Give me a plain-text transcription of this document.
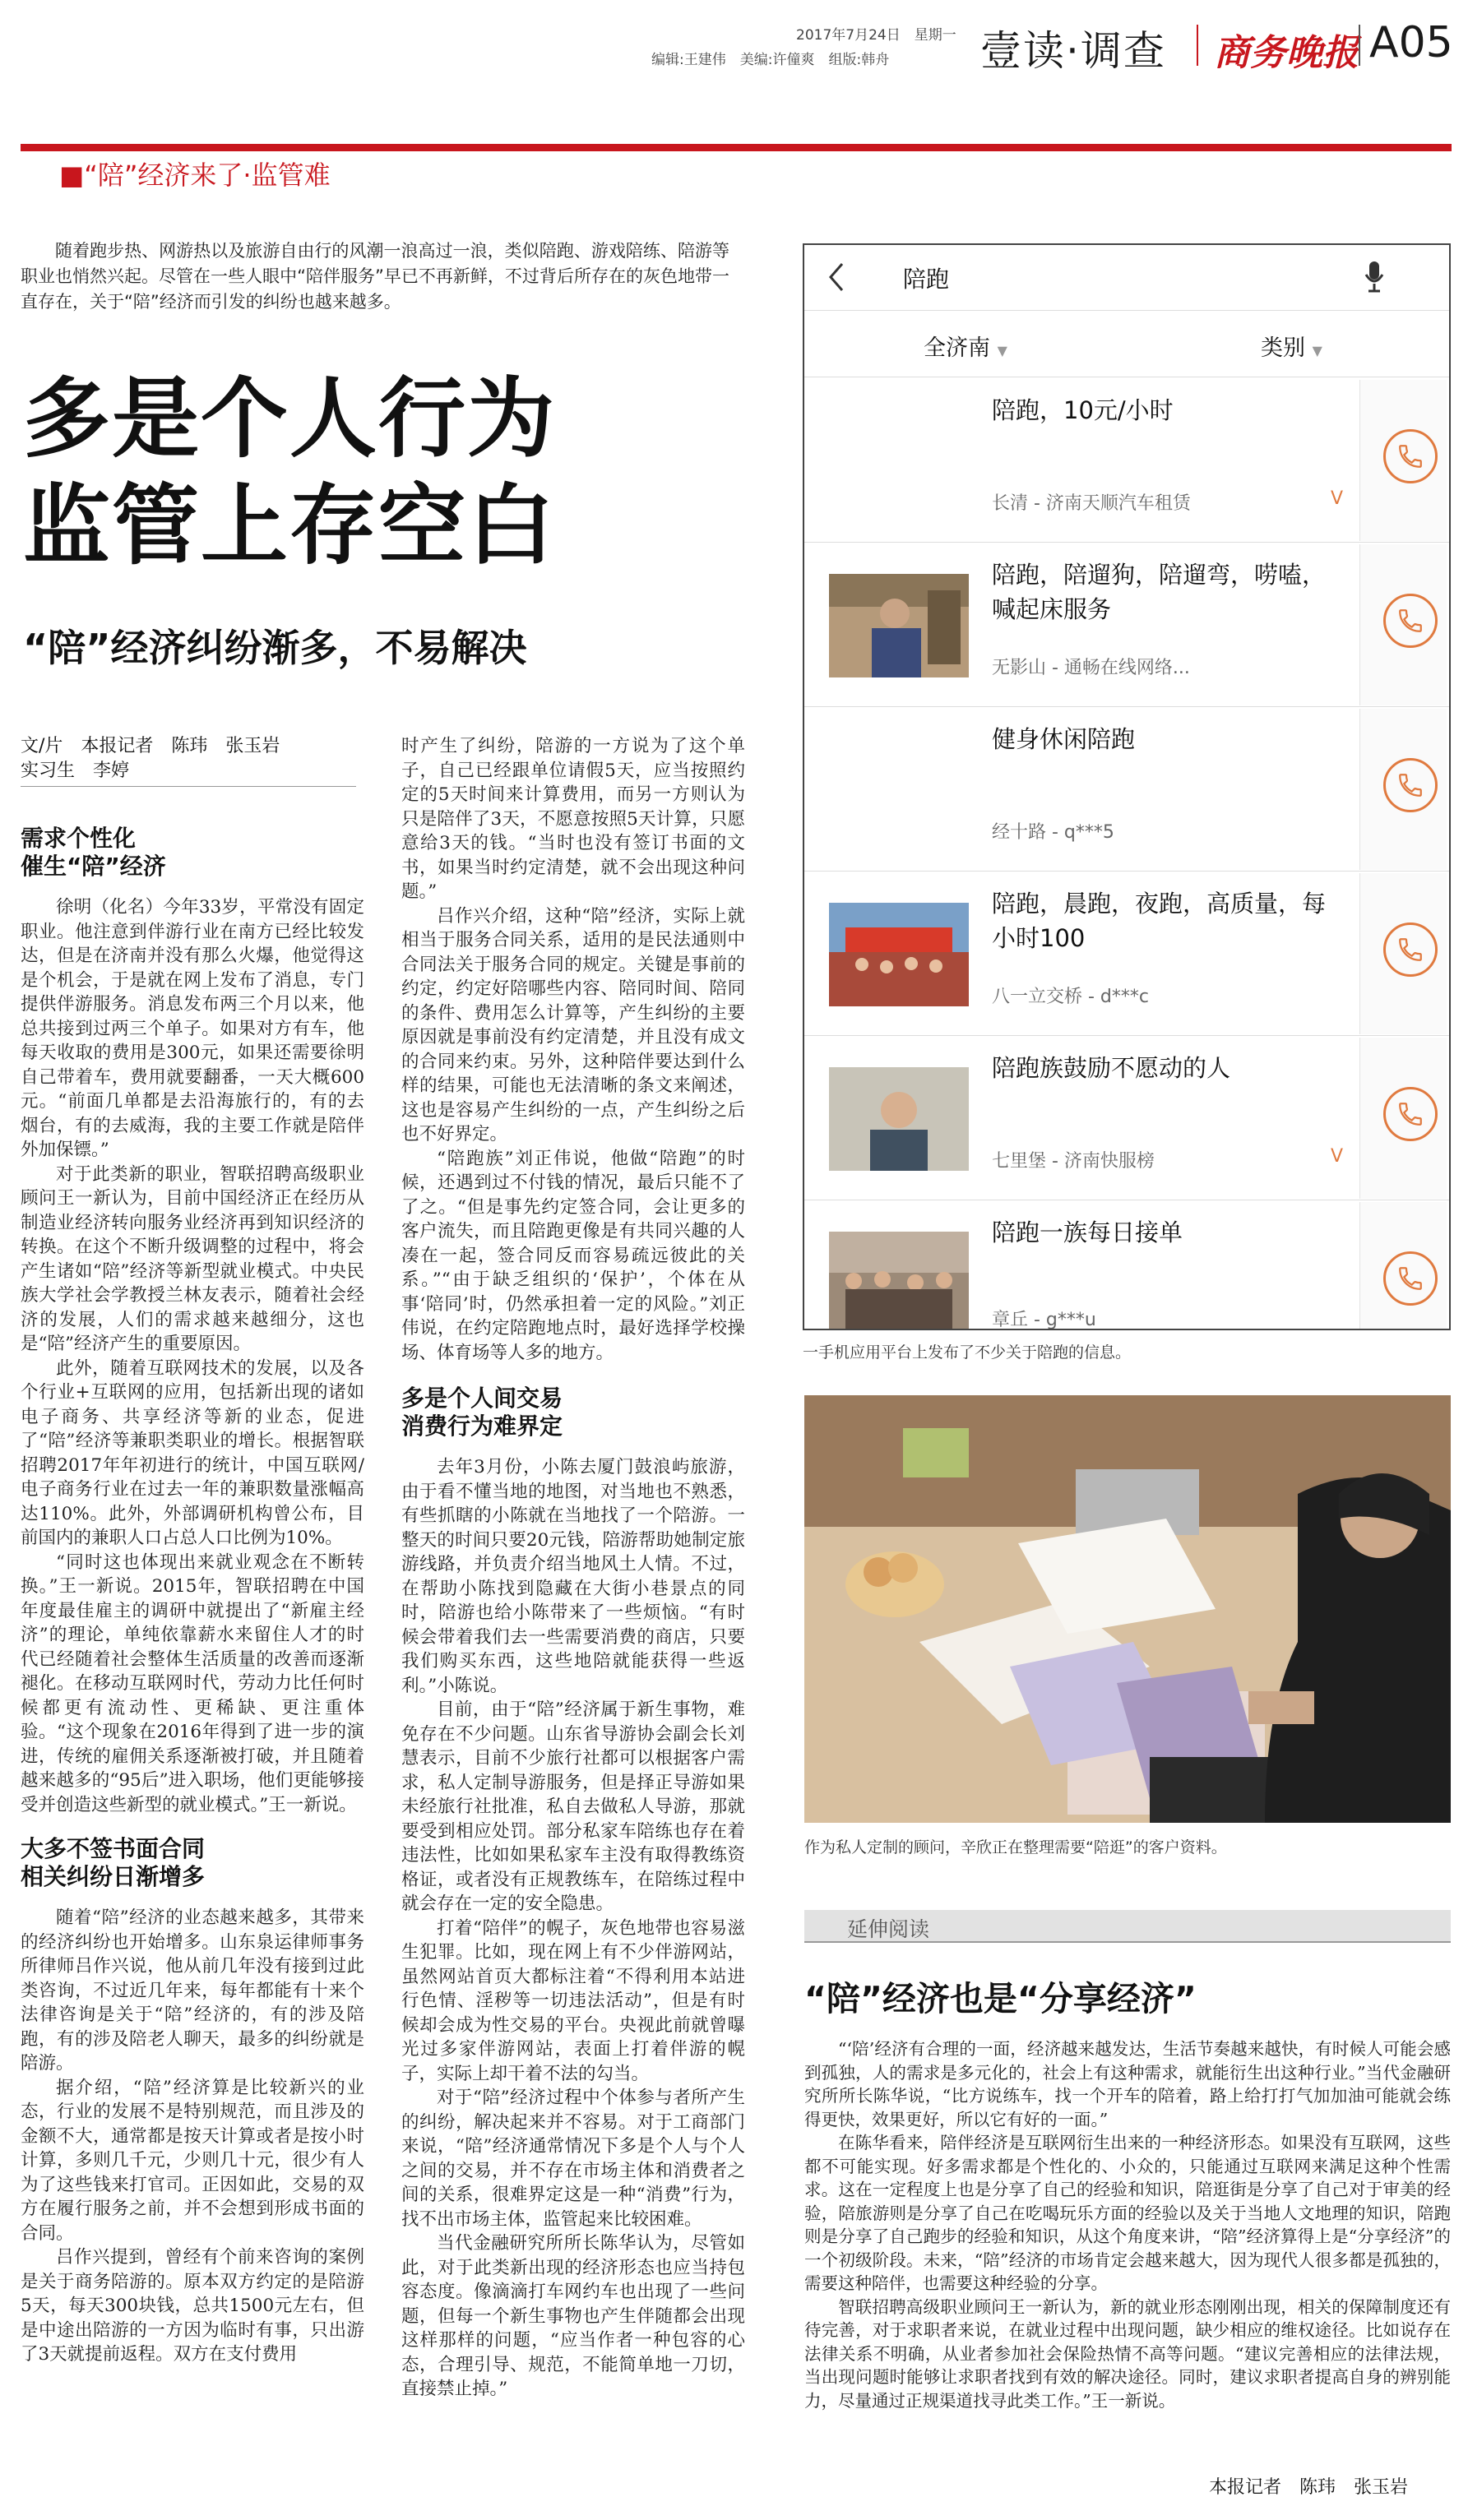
2017年7月24日　 星期一
编辑:王建伟　 美编:许僮爽　 组版:韩舟 壹读·调查 商务晚报 A05
■“陪”经济来了·监管难
随着跑步热、网游热以及旅游自由行的风潮一浪高过一浪，类似陪跑、游戏陪练、陪游等职业也悄然兴起。尽管在一些人眼中“陪伴服务”早已不再新鲜，不过背后所存在的灰色地带一直存在，关于“陪”经济而引发的纠纷也越来越多。
多是个人行为
监管上存空白
“陪”经济纠纷渐多，不易解决
文/片　本报记者　陈玮　张玉岩
实习生　李婷
需求个性化
催生“陪”经济

徐明（化名）今年33岁，平常没有固定职业。他注意到伴游行业在南方已经比较发达，但是在济南并没有那么火爆，他觉得这是个机会，于是就在网上发布了消息，专门提供伴游服务。消息发布两三个月以来，他总共接到过两三个单子。如果对方有车，他每天收取的费用是300元，如果还需要徐明自己带着车，费用就要翻番，一天大概600元。“前面几单都是去沿海旅行的，有的去烟台，有的去威海，我的主要工作就是陪伴外加保镖。”

对于此类新的职业，智联招聘高级职业顾问王一新认为，目前中国经济正在经历从制造业经济转向服务业经济再到知识经济的转换。在这个不断升级调整的过程中，将会产生诸如“陪”经济等新型就业模式。中央民族大学社会学教授兰林友表示，随着社会经济的发展，人们的需求越来越细分，这也是“陪”经济产生的重要原因。

此外，随着互联网技术的发展，以及各个行业+互联网的应用，包括新出现的诸如电子商务、共享经济等新的业态，促进了“陪”经济等兼职类职业的增长。根据智联招聘2017年年初进行的统计，中国互联网/电子商务行业在过去一年的兼职数量涨幅高达110%。此外，外部调研机构曾公布，目前国内的兼职人口占总人口比例为10%。

“同时这也体现出来就业观念在不断转换。”王一新说。2015年，智联招聘在中国年度最佳雇主的调研中就提出了“新雇主经济”的理论，单纯依靠薪水来留住人才的时代已经随着社会整体生活质量的改善而逐渐褪化。在移动互联网时代，劳动力比任何时候都更有流动性、更稀缺、更注重体验。“这个现象在2016年得到了进一步的演进，传统的雇佣关系逐渐被打破，并且随着越来越多的“95后”进入职场，他们更能够接受并创造这些新型的就业模式。”王一新说。

大多不签书面合同
相关纠纷日渐增多

随着“陪”经济的业态越来越多，其带来的经济纠纷也开始增多。山东泉运律师事务所律师吕作兴说，他从前几年没有接到过此类咨询，不过近几年来，每年都能有十来个法律咨询是关于“陪”经济的，有的涉及陪跑，有的涉及陪老人聊天，最多的纠纷就是陪游。

据介绍，“陪”经济算是比较新兴的业态，行业的发展不是特别规范，而且涉及的金额不大，通常都是按天计算或者是按小时计算，多则几千元，少则几十元，很少有人为了这些钱来打官司。正因如此，交易的双方在履行服务之前，并不会想到形成书面的合同。

吕作兴提到，曾经有个前来咨询的案例是关于商务陪游的。原本双方约定的是陪游5天，每天300块钱，总共1500元左右，但是中途出陪游的一方因为临时有事，只出游了3天就提前返程。双方在支付费用

时产生了纠纷，陪游的一方说为了这个单子，自己已经跟单位请假5天，应当按照约定的5天时间来计算费用，而另一方则认为只是陪伴了3天，不愿意按照5天计算，只愿意给3天的钱。“当时也没有签订书面的文书，如果当时约定清楚，就不会出现这种问题。”

吕作兴介绍，这种“陪”经济，实际上就相当于服务合同关系，适用的是民法通则中合同法关于服务合同的规定。关键是事前的约定，约定好陪哪些内容、陪同时间、陪同的条件、费用怎么计算等，产生纠纷的主要原因就是事前没有约定清楚，并且没有成文的合同来约束。另外，这种陪伴要达到什么样的结果，可能也无法清晰的条文来阐述，这也是容易产生纠纷的一点，产生纠纷之后也不好界定。

“陪跑族”刘正伟说，他做“陪跑”的时候，还遇到过不付钱的情况，最后只能不了了之。“但是事先约定签合同，会让更多的客户流失，而且陪跑更像是有共同兴趣的人凑在一起，签合同反而容易疏远彼此的关系。”“由于缺乏组织的‘保护’，个体在从事‘陪同’时，仍然承担着一定的风险。”刘正伟说，在约定陪跑地点时，最好选择学校操场、体育场等人多的地方。

多是个人间交易
消费行为难界定

去年3月份，小陈去厦门鼓浪屿旅游，由于看不懂当地的地图，对当地也不熟悉，有些抓瞎的小陈就在当地找了一个陪游。一整天的时间只要20元钱，陪游帮助她制定旅游线路，并负责介绍当地风土人情。不过，在帮助小陈找到隐藏在大街小巷景点的同时，陪游也给小陈带来了一些烦恼。“有时候会带着我们去一些需要消费的商店，只要我们购买东西，这些地陪就能获得一些返利。”小陈说。

目前，由于“陪”经济属于新生事物，难免存在不少问题。山东省导游协会副会长刘慧表示，目前不少旅行社都可以根据客户需求，私人定制导游服务，但是择正导游如果未经旅行社批准，私自去做私人导游，那就要受到相应处罚。部分私家车陪练也存在着违法性，比如如果私家车主没有取得教练资格证，或者没有正规教练车，在陪练过程中就会存在一定的安全隐患。

打着“陪伴”的幌子，灰色地带也容易滋生犯罪。比如，现在网上有不少伴游网站，虽然网站首页大都标注着“不得利用本站进行色情、淫秽等一切违法活动”，但是有时候却会成为性交易的平台。央视此前就曾曝光过多家伴游网站，表面上打着伴游的幌子，实际上却干着不法的勾当。

对于“陪”经济过程中个体参与者所产生的纠纷，解决起来并不容易。对于工商部门来说，“陪”经济通常情况下多是个人与个人之间的交易，并不存在市场主体和消费者之间的关系，很难界定这是一种“消费”行为，找不出市场主体，监管起来比较困难。

当代金融研究所所长陈华认为，尽管如此，对于此类新出现的经济形态也应当持包容态度。像滴滴打车网约车也出现了一些问题，但每一个新生事物也产生伴随都会出现这样那样的问题，“应当作者一种包容的心态，合理引导、规范，不能简单地一刀切，直接禁止掉。”

陪跑
全济南 ▼	类别 ▼
陪跑，10元/小时
长清 - 济南天顺汽车租赁	V
陪跑，陪遛狗，陪遛弯，唠嗑，喊起床服务
无影山 - 通畅在线网络...
健身休闲陪跑
经十路 - q***5
陪跑，晨跑，夜跑，高质量，每小时100
八一立交桥 - d***c
陪跑族鼓励不愿动的人
七里堡 - 济南快服榜	V
陪跑一族每日接单
章丘 - g***u
一手机应用平台上发布了不少关于陪跑的信息。
作为私人定制的顾问，辛欣正在整理需要“陪逛”的客户资料。
延伸阅读
“陪”经济也是“分享经济”

“‘陪’经济有合理的一面，经济越来越发达，生活节奏越来越快，有时候人可能会感到孤独，人的需求是多元化的，社会上有这种需求，就能衍生出这种行业。”当代金融研究所所长陈华说，“比方说练车，找一个开车的陪着，路上给打打气加加油可能就会练得更快，效果更好，所以它有好的一面。”

在陈华看来，陪伴经济是互联网衍生出来的一种经济形态。如果没有互联网，这些都不可能实现。好多需求都是个性化的、小众的，只能通过互联网来满足这种个性需求。这在一定程度上也是分享了自己的经验和知识，陪逛街是分享了自己对于审美的经验，陪旅游则是分享了自己在吃喝玩乐方面的经验以及关于当地人文地理的知识，陪跑则是分享了自己跑步的经验和知识，从这个角度来讲，“陪”经济算得上是“分享经济”的一个初级阶段。未来，“陪”经济的市场肯定会越来越大，因为现代人很多都是孤独的，需要这种陪伴，也需要这种经验的分享。

智联招聘高级职业顾问王一新认为，新的就业形态刚刚出现，相关的保障制度还有待完善，对于求职者来说，在就业过程中出现问题，缺少相应的维权途径。比如说存在法律关系不明确，从业者参加社会保险热情不高等问题。“建议完善相应的法律法规，当出现问题时能够让求职者找到有效的解决途径。同时，建议求职者提高自身的辨别能力，尽量通过正规渠道找寻此类工作。”王一新说。

本报记者　陈玮　张玉岩
